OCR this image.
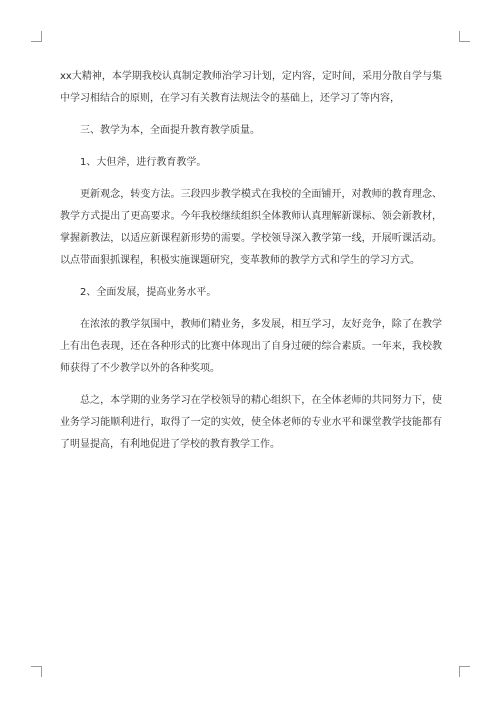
xx大精神，本学期我校认真制定教师治学习计划，定内容，定时间，采用分散自学与集中学习相结合的原则，在学习有关教育法规法令的基础上，还学习了等内容，

三、教学为本，全面提升教育教学质量。

1、大但斧，进行教育教学。

更新观念，转变方法。三段四步教学模式在我校的全面铺开，对教师的教育理念、教学方式提出了更高要求。今年我校继续组织全体教师认真理解新课标、领会新教材，掌握新教法，以适应新课程新形势的需要。学校领导深入教学第一线，开展听课活动。以点带面狠抓课程，积极实施课题研究，变革教师的教学方式和学生的学习方式。

2、全面发展，提高业务水平。

在浓浓的教学氛围中，教师们精业务，多发展，相互学习，友好竞争，除了在教学上有出色表现，还在各种形式的比赛中体现出了自身过硬的综合素质。一年来，我校教师获得了不少教学以外的各种奖项。

总之，本学期的业务学习在学校领导的精心组织下，在全体老师的共同努力下，使业务学习能顺利进行，取得了一定的实效，使全体老师的专业水平和课堂教学技能都有了明显提高，有利地促进了学校的教育教学工作。
